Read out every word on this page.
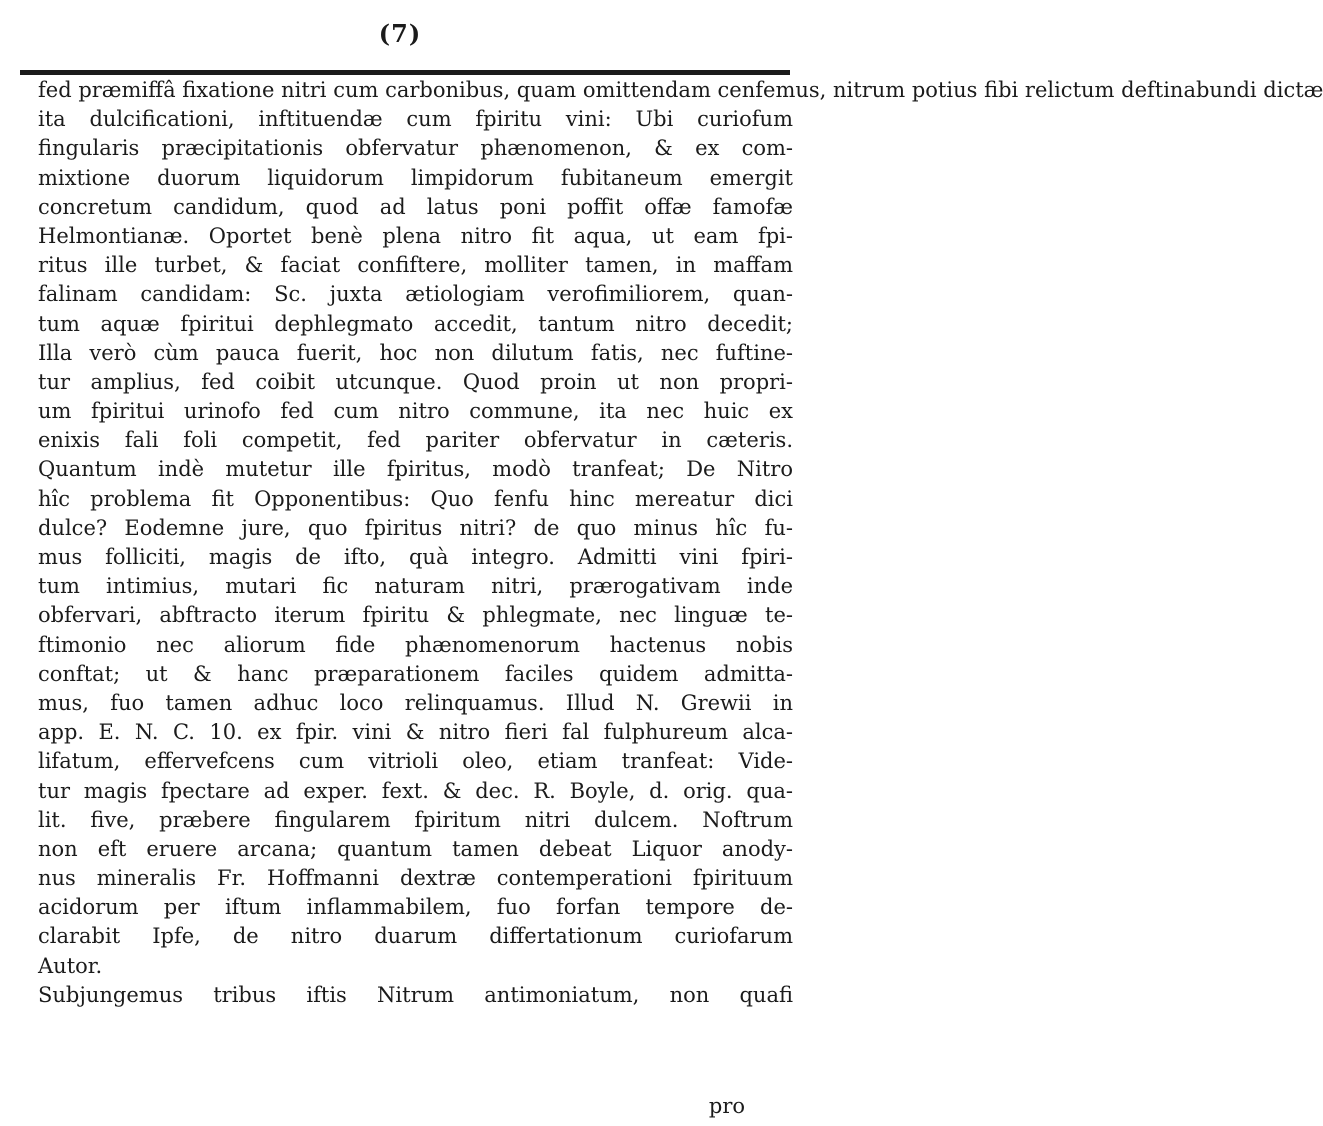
(7)
fed præmiffâ fixatione nitri cum carbonibus, quam omittendam cenfemus, nitrum potius fibi relictum deftinabundi dictæ
ita dulcificationi, inftituendæ cum fpiritu vini: Ubi curiofum
fingularis præcipitationis obfervatur phænomenon, & ex com-
mixtione duorum liquidorum limpidorum fubitaneum emergit
concretum candidum, quod ad latus poni poffit offæ famofæ
Helmontianæ. Oportet benè plena nitro fit aqua, ut eam fpi-
ritus ille turbet, & faciat confiftere, molliter tamen, in maffam
falinam candidam: Sc. juxta ætiologiam verofimiliorem, quan-
tum aquæ fpiritui dephlegmato accedit, tantum nitro decedit;
Illa verò cùm pauca fuerit, hoc non dilutum fatis, nec fuftine-
tur amplius, fed coibit utcunque. Quod proin ut non propri-
um fpiritui urinofo fed cum nitro commune, ita nec huic ex
enixis fali foli competit, fed pariter obfervatur in cæteris.
Quantum indè mutetur ille fpiritus, modò tranfeat; De Nitro
hîc problema fit Opponentibus: Quo fenfu hinc mereatur dici
dulce? Eodemne jure, quo fpiritus nitri? de quo minus hîc fu-
mus folliciti, magis de ifto, quà integro. Admitti vini fpiri-
tum intimius, mutari fic naturam nitri, prærogativam inde
obfervari, abftracto iterum fpiritu & phlegmate, nec linguæ te-
ftimonio nec aliorum fide phænomenorum hactenus nobis
conftat; ut & hanc præparationem faciles quidem admitta-
mus, fuo tamen adhuc loco relinquamus. Illud N. Grewii in
app. E. N. C. 10. ex fpir. vini & nitro fieri fal fulphureum alca-
lifatum, effervefcens cum vitrioli oleo, etiam tranfeat: Vide-
tur magis fpectare ad exper. fext. & dec. R. Boyle, d. orig. qua-
lit. five, præbere fingularem fpiritum nitri dulcem. Noftrum
non eft eruere arcana; quantum tamen debeat Liquor anody-
nus mineralis Fr. Hoffmanni dextræ contemperationi fpirituum
acidorum per iftum inflammabilem, fuo forfan tempore de-
clarabit Ipfe, de nitro duarum differtationum curiofarum
Autor.
Subjungemus tribus iftis Nitrum antimoniatum, non quafi
pro
